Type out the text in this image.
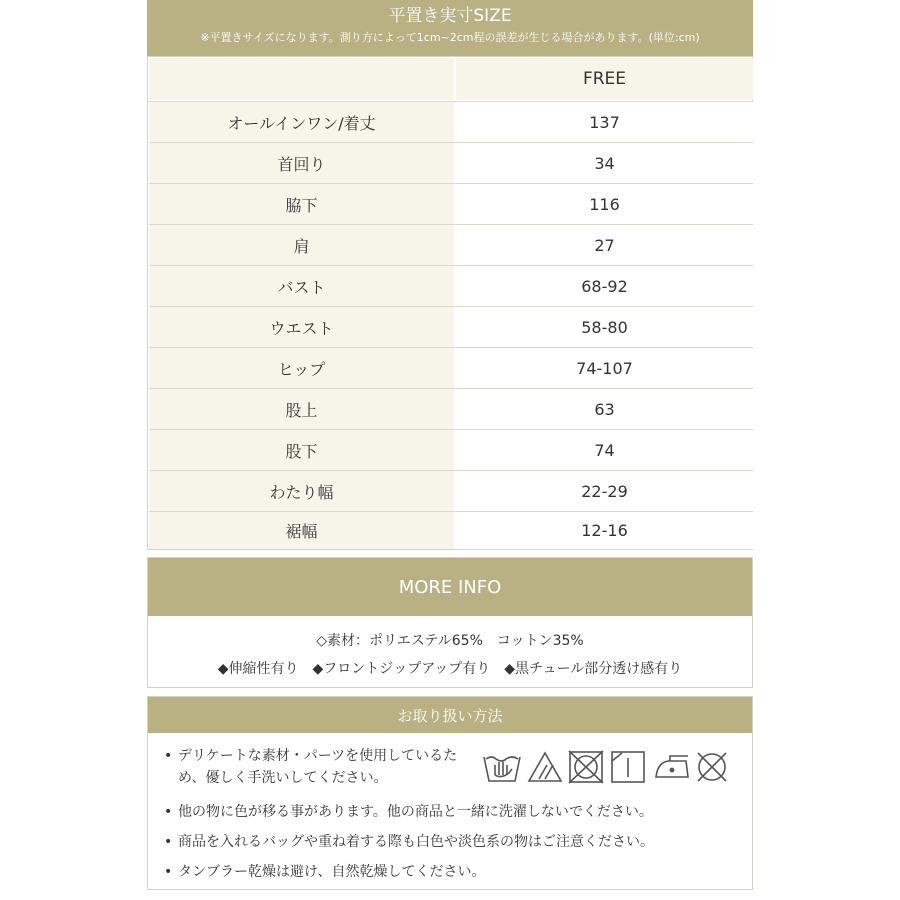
平置き実寸SIZE
※平置きサイズになります。測り方によって1cm~2cm程の誤差が生じる場合があります。(単位:cm)
FREE
オールインワン/着丈	137
首回り	34
脇下	116
肩	27
バスト	68-92
ウエスト	58-80
ヒップ	74-107
股上	63
股下	74
わたり幅	22-29
裾幅	12-16
MORE INFO
◇素材：ポリエステル65%　コットン35%
◆伸縮性有り　◆フロントジップアップ有り　◆黒チュール部分透け感有り
お取り扱い方法
• デリケートな素材・パーツを使用しているため、優しく手洗いしてください。
• 他の物に色が移る事があります。他の商品と一緒に洗濯しないでください。
• 商品を入れるバッグや重ね着する際も白色や淡色系の物はご注意ください。
• タンブラー乾燥は避け、自然乾燥してください。
